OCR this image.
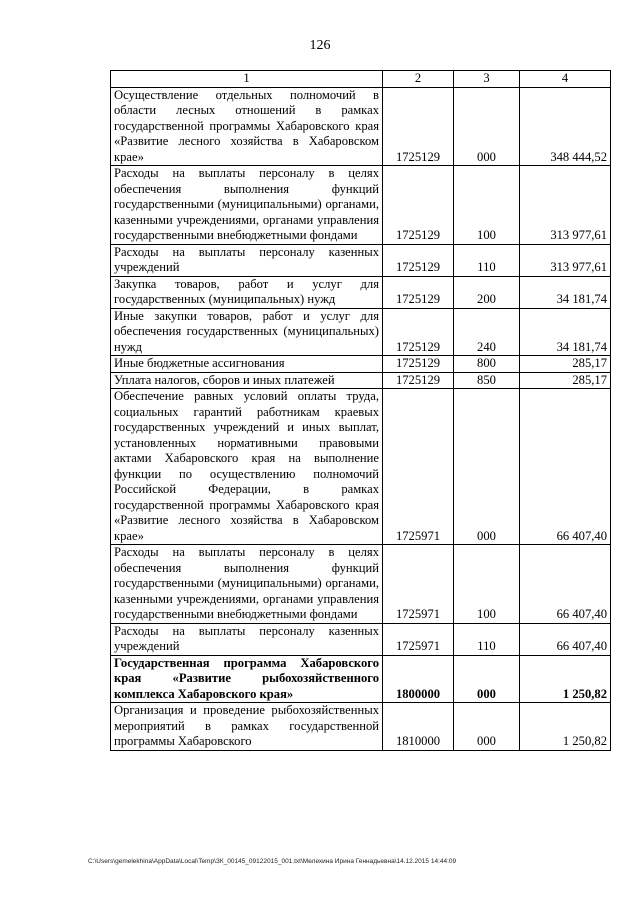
126
1	2	3	4
Осуществление отдельных полномочий в области лесных отношений в рамках государственной программы Хабаровского края «Развитие лесного хозяйства в Хабаровском крае»	1725129	000	348 444,52
Расходы на выплаты персоналу в целях обеспечения выполнения функций государственными (муниципальными) органами, казенными учреждениями, органами управления государственными внебюджетными фондами	1725129	100	313 977,61
Расходы на выплаты персоналу казенных учреждений	1725129	110	313 977,61
Закупка товаров, работ и услуг для государственных (муниципальных) нужд	1725129	200	34 181,74
Иные закупки товаров, работ и услуг для обеспечения государственных (муниципальных) нужд	1725129	240	34 181,74
Иные бюджетные ассигнования	1725129	800	285,17
Уплата налогов, сборов и иных платежей	1725129	850	285,17
Обеспечение равных условий оплаты труда, социальных гарантий работникам краевых государственных учреждений и иных выплат, установленных нормативными правовыми актами Хабаровского края на выполнение функции по осуществлению полномочий Российской Федерации, в рамках государственной программы Хабаровского края «Развитие лесного хозяйства в Хабаровском крае»	1725971	000	66 407,40
Расходы на выплаты персоналу в целях обеспечения выполнения функций государственными (муниципальными) органами, казенными учреждениями, органами управления государственными внебюджетными фондами	1725971	100	66 407,40
Расходы на выплаты персоналу казенных учреждений	1725971	110	66 407,40
Государственная программа Хабаровского края «Развитие рыбохозяйственного комплекса Хабаровского края»	1800000	000	1 250,82
Организация и проведение рыбохозяйственных мероприятий в рамках государственной программы Хабаровского	1810000	000	1 250,82
C:\Users\gemelekhina\AppData\Local\Temp\ЗК_00145_09122015_001.txt\Мелехина Ирина Геннадьевна\14.12.2015 14:44:09
